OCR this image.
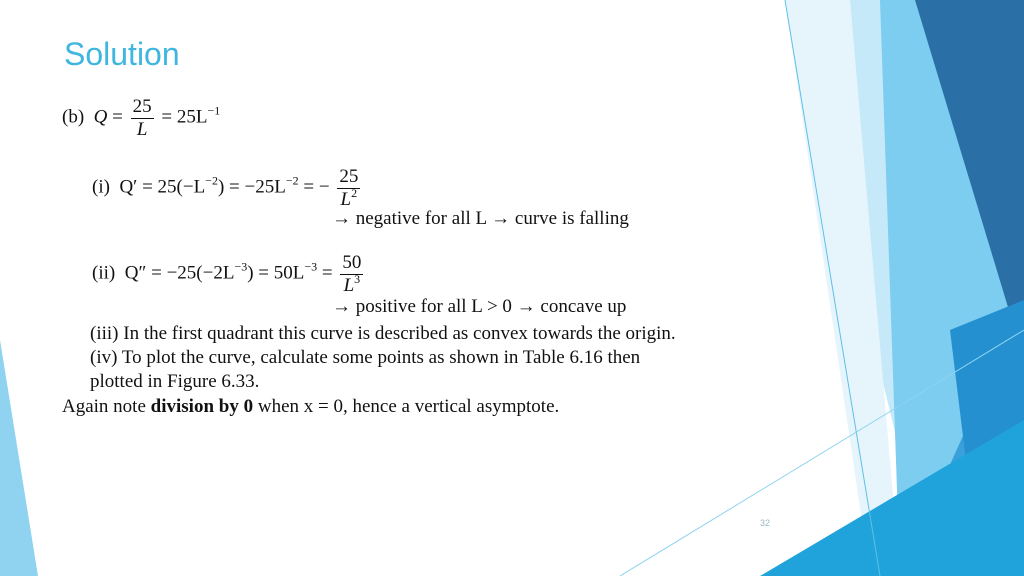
Solution
(b) $Q = \frac{25}{L} = 25L^{-1}$
(i) $Q' = 25(-L^{-2}) = -25L^{-2}$ = − $\frac{25}{L^2}$
→ negative for all L → curve is falling
(ii) $Q'' = -25(-2L^{-3}) = 50L^{-3} = \frac{50}{L^3}$
→ positive for all L > 0 → concave up
(iii) In the first quadrant this curve is described as convex towards the origin.
(iv) To plot the curve, calculate some points as shown in Table 6.16 then
plotted in Figure 6.33.
Again note division by 0 when x = 0, hence a vertical asymptote.
32
